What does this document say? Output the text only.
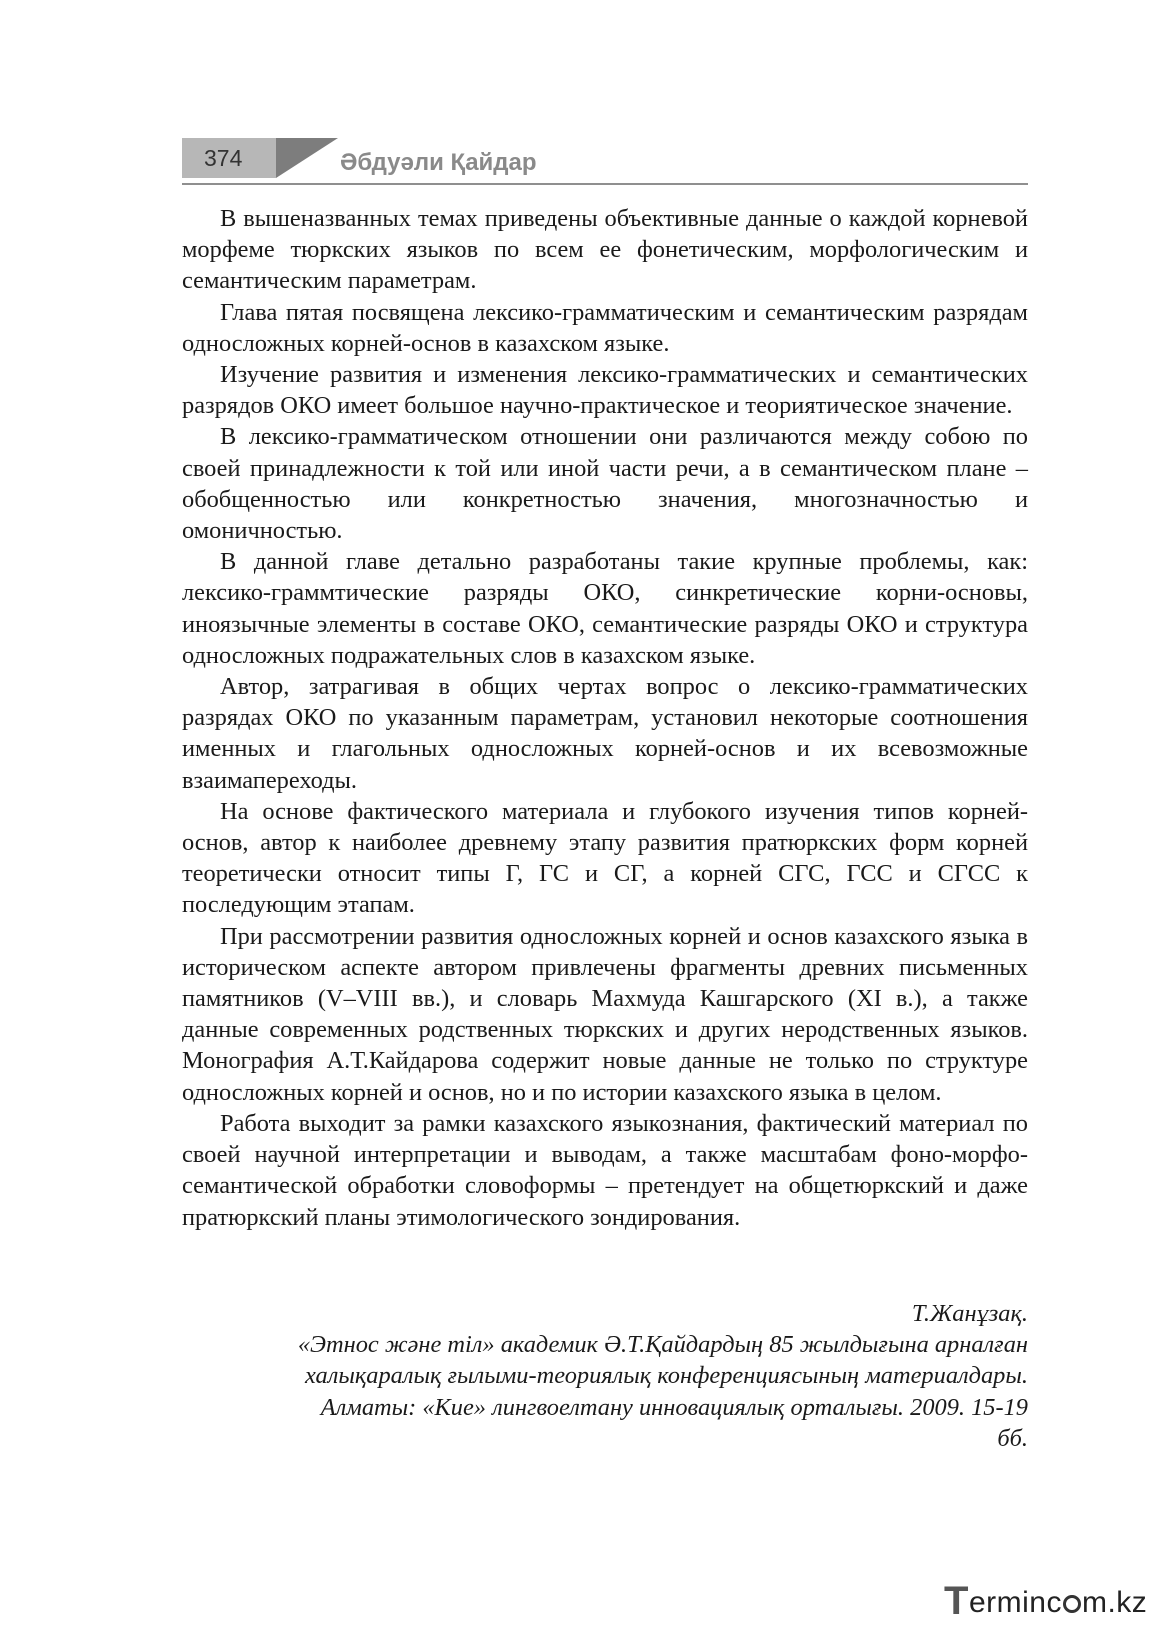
374	Әбдуәли Қайдар

В вышеназванных темах приведены объективные данные о каждой корневой морфеме тюркских языков по всем ее фонетическим, морфологическим и семантическим параметрам.

Глава пятая посвящена лексико-грамматическим и семантическим разрядам односложных корней-основ в казахском языке.

Изучение развития и изменения лексико-грамматических и семантических разрядов ОКО имеет большое научно-практическое и теориятическое значение.

В лексико-грамматическом отношении они различаются между собою по своей принадлежности к той или иной части речи, а в семантическом плане – обобщенностью или конкретностью значения, многозначностью и омоничностью.

В данной главе детально разработаны такие крупные проблемы, как: лексико-граммтические разряды ОКО, синкретические корни-основы, иноязычные элементы в составе ОКО, семантические разряды ОКО и структура односложных подражательных слов в казахском языке.

Автор, затрагивая в общих чертах вопрос о лексико-грамматических разрядах ОКО по указанным параметрам, установил некоторые соотношения именных и глагольных односложных корней-основ и их всевозможные взаимапереходы.

На основе фактического материала и глубокого изучения типов корней-основ, автор к наиболее древнему этапу развития пратюркских форм корней теоретически относит типы Г, ГС и СГ, а корней СГС, ГСС и СГСС к последующим этапам.

При рассмотрении развития односложных корней и основ казахского языка в историческом аспекте автором привлечены фрагменты древних письменных памятников (V–VIII вв.), и словарь Махмуда Кашгарского (XI в.), а также данные современных родственных тюркских и других неродственных языков. Монография А.Т.Кайдарова содержит новые данные не только по структуре односложных корней и основ, но и по истории казахского языка в целом.

Работа выходит за рамки казахского языкознания, фактический материал по своей научной интерпретации и выводам, а также масштабам фоно-морфо-семантической обработки словоформы – претендует на общетюркский и даже пратюркский планы этимологического зондирования.

Т.Жанұзақ.
«Этнос және тіл» академик Ә.Т.Қайдардың 85 жылдығына арналған халықаралық ғылыми-теориялық конференциясының материалдары. Алматы: «Кие» лингвоелтану инновациялық орталығы. 2009. 15-19 бб.
Terminc m.kz
